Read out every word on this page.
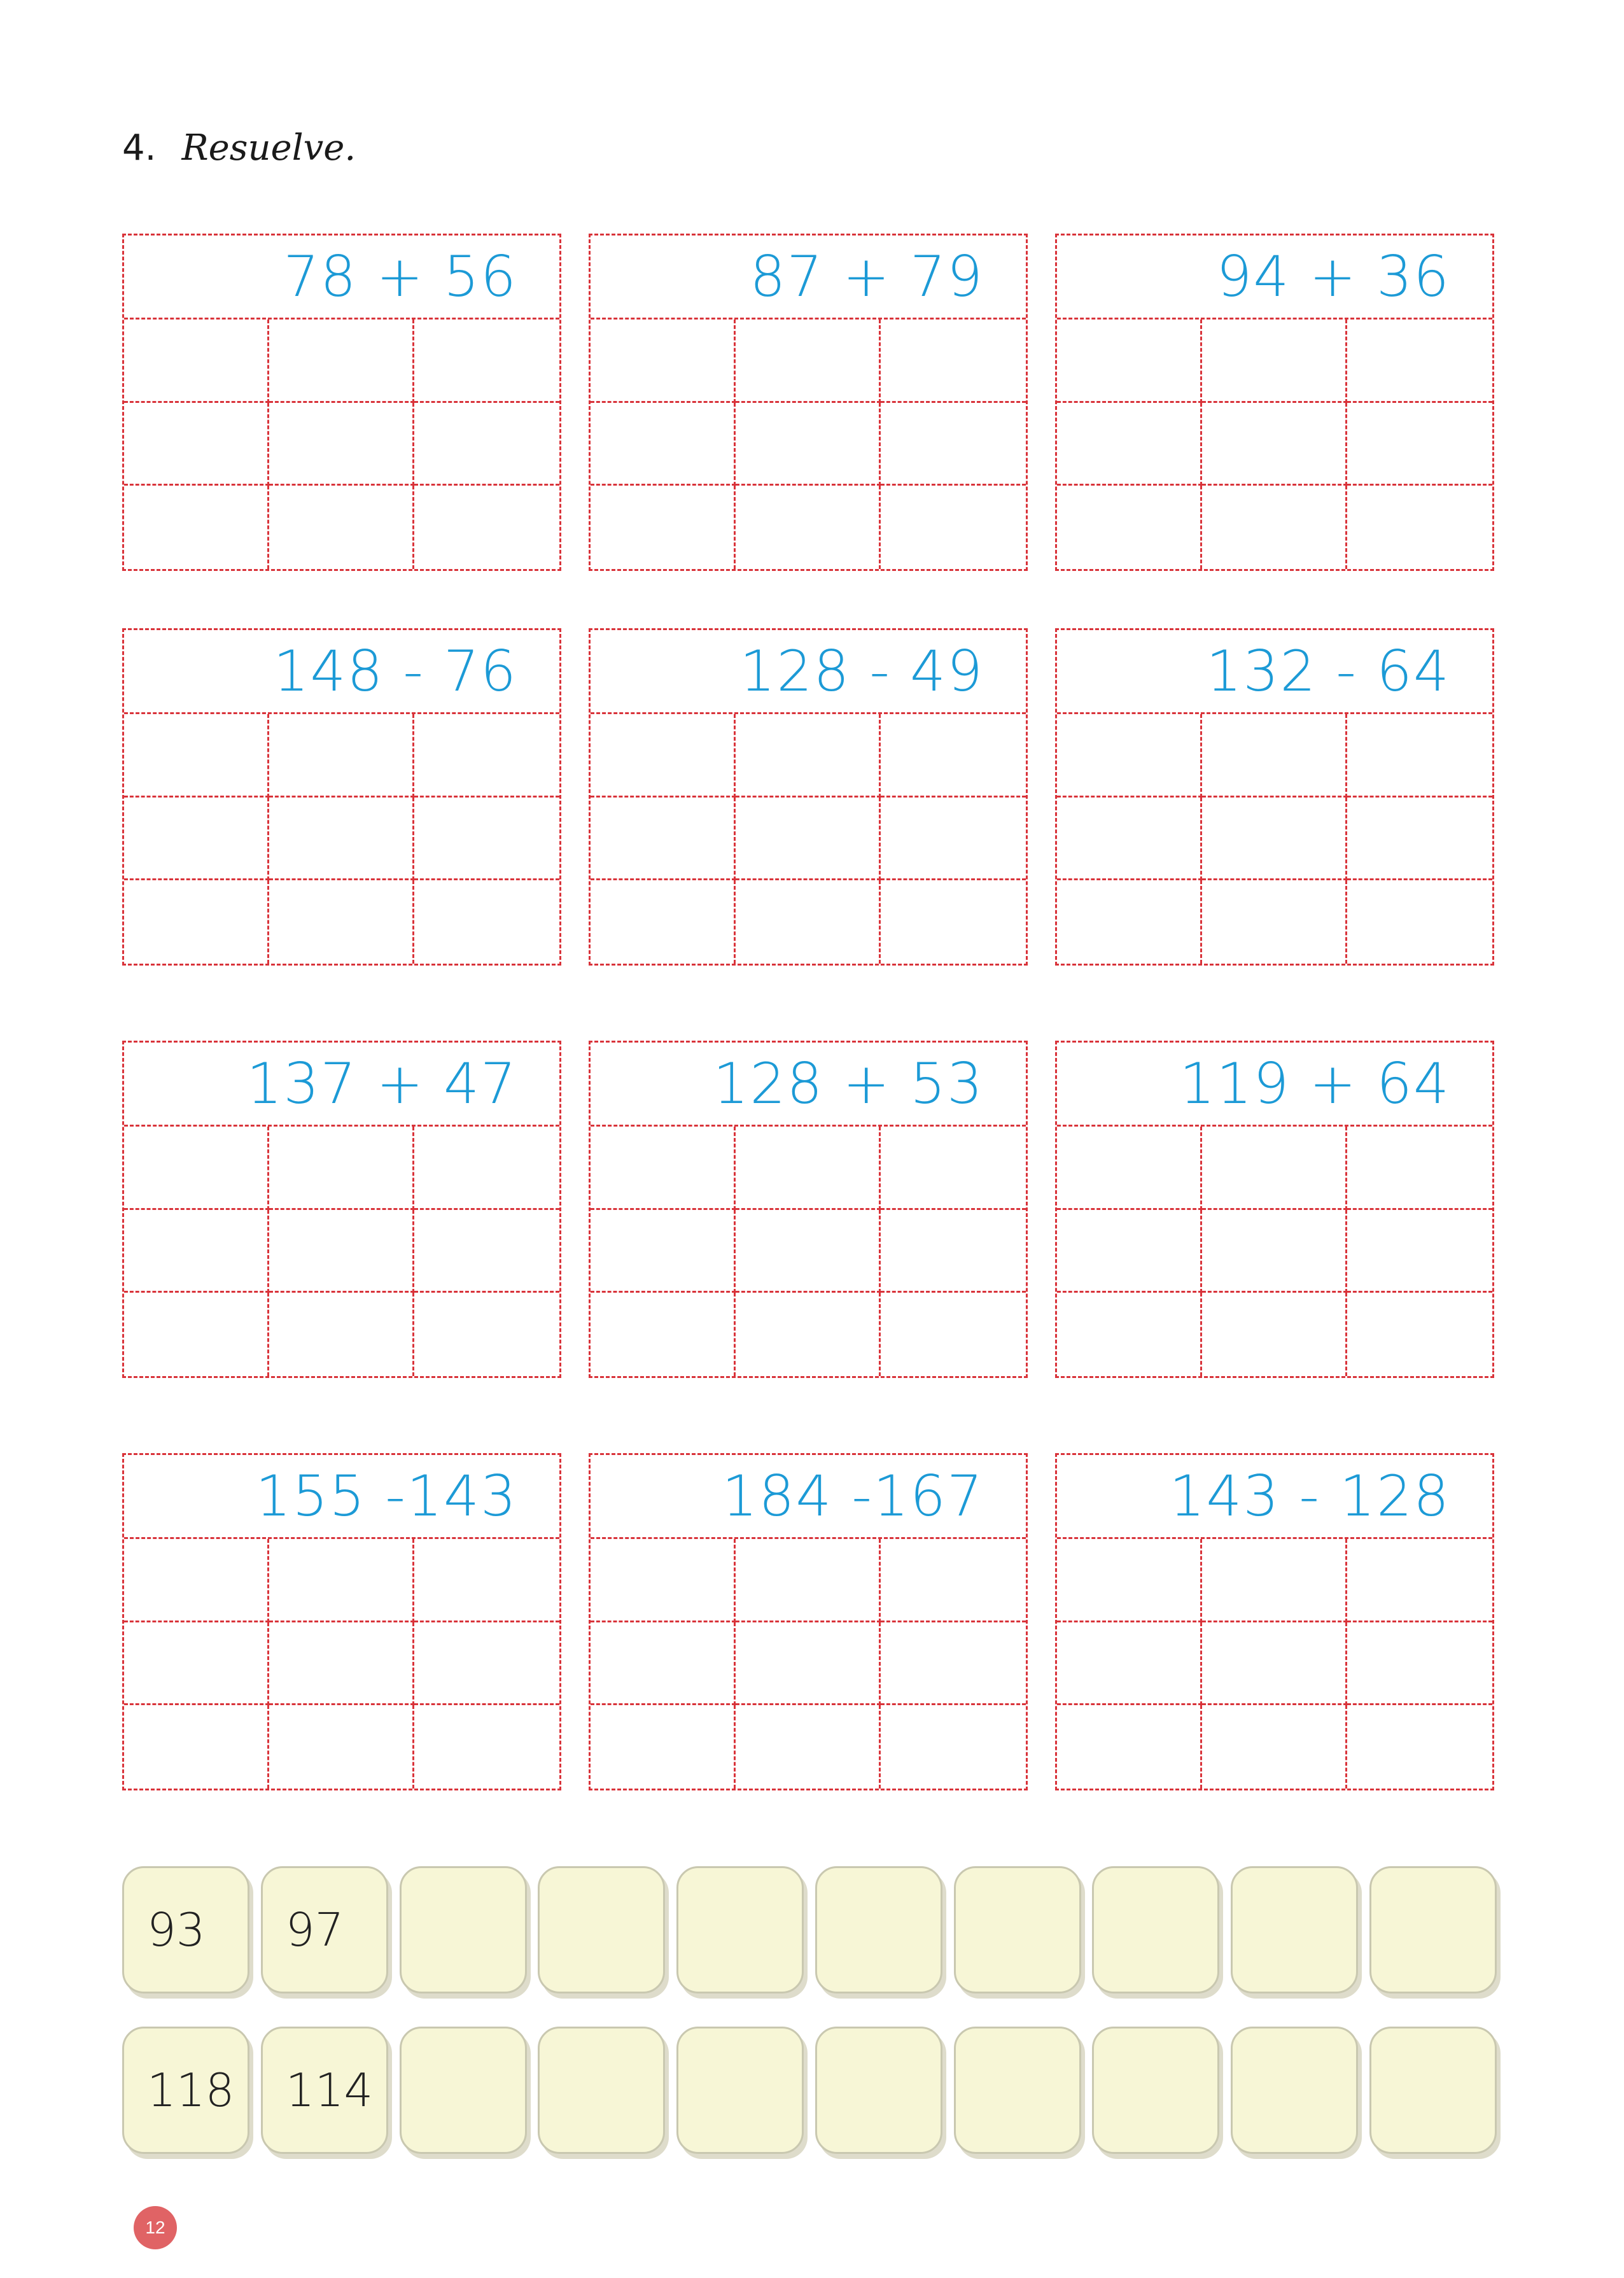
4. Resuelve.
78 + 56	87 + 79	94 + 36
148 - 76	128 - 49	132 - 64
137 + 47	128 + 53	119 + 64
155 -143	184 -167	143 - 128
93	97
118	114
12
